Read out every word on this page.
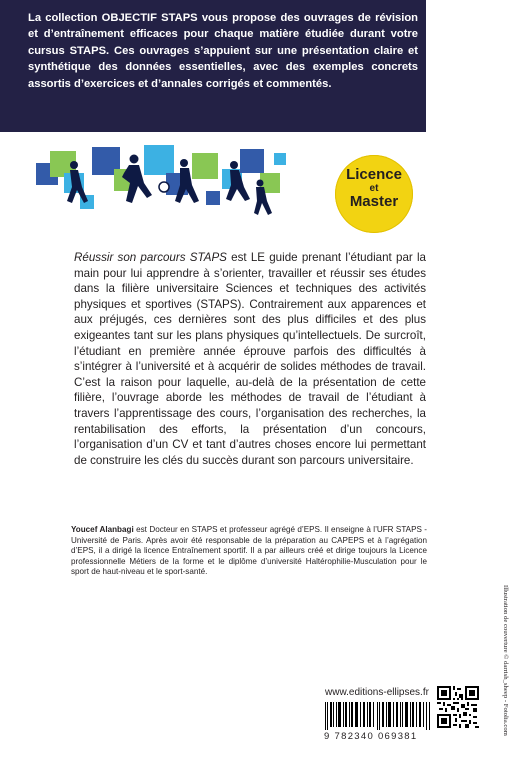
La collection OBJECTIF STAPS vous propose des ouvrages de révision et d’entraînement efficaces pour chaque matière étudiée durant votre cursus STAPS. Ces ouvrages s’appuient sur une présentation claire et synthétique des données essentielles, avec des exemples concrets assortis d’exercices et d’annales corrigés et commentés.
Licence
et
Master

Réussir son parcours STAPS est LE guide prenant l’étudiant par la main pour lui apprendre à s’orienter, travailler et réussir ses études dans la filière universitaire Sciences et techniques des activités physiques et sportives (STAPS). Contrairement aux apparences et aux préjugés, ces dernières sont des plus difficiles et des plus exigeantes tant sur les plans physiques qu’intellectuels. De surcroît, l’étudiant en première année éprouve parfois des difficultés à s’intégrer à l’université et à acquérir de solides méthodes de travail. C’est la raison pour laquelle, au-delà de la présentation de cette filière, l’ouvrage aborde les méthodes de travail de l’étudiant à travers l’apprentissage des cours, l’organisation des recherches, la rentabilisation des efforts, la présentation d’un concours, l’organisation d’un CV et tant d’autres choses encore lui permettant de construire les clés du succès durant son parcours universitaire.

Youcef Alanbagi est Docteur en STAPS et professeur agrégé d’EPS. Il enseigne à l’UFR STAPS - Université de Paris. Après avoir été responsable de la préparation au CAPEPS et à l’agrégation d’EPS, il a dirigé la licence Entraînement sportif. Il a par ailleurs créé et dirige toujours la Licence professionnelle Métiers de la forme et le diplôme d’université Haltérophilie-Musculation pour le sport de haut-niveau et le sport-santé.

Illustration de couverture © darrish_sheep - Fotolia.com
www.editions-ellipses.fr
9 782340 069381
